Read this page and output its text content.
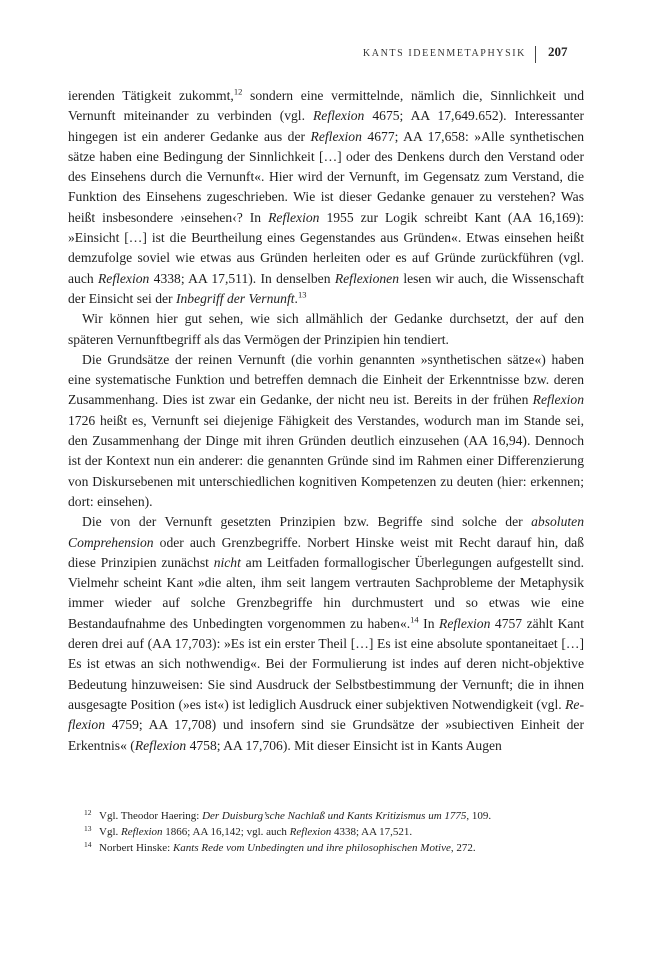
KANTS IDEENMETAPHYSIK 207

ierenden Tätigkeit zukommt,$^{12}$ sondern eine vermittelnde, nämlich die, Sinnlichkeit und Vernunft miteinander zu verbinden (vgl. Reflexion 4675; AA 17,649.652). Interessanter hingegen ist ein anderer Gedanke aus der Reflexion 4677; AA 17,658: »Alle synthetischen sätze haben eine Bedingung der Sinnlichkeit […] oder des Denkens durch den Verstand oder des Einsehens durch die Vernunft«. Hier wird der Vernunft, im Gegensatz zum Verstand, die Funktion des Einsehens zugeschrieben. Wie ist dieser Gedanke genauer zu verstehen? Was heißt insbesondere ›einsehen‹? In Reflexion 1955 zur Logik schreibt Kant (AA 16,169): »Einsicht […] ist die Beurtheilung eines Gegenstandes aus Gründen«. Etwas einsehen heißt demzufolge soviel wie etwas aus Gründen herleiten oder es auf Gründe zurückführen (vgl. auch Reflexion 4338; AA 17,511). In denselben Reflexionen lesen wir auch, die Wissenschaft der Einsicht sei der Inbegriff der Vernunft.$^{13}$

Wir können hier gut sehen, wie sich allmählich der Gedanke durchsetzt, der auf den späteren Vernunftbegriff als das Vermögen der Prinzipien hin tendiert.

Die Grundsätze der reinen Vernunft (die vorhin genannten »synthetischen sätze«) haben eine systematische Funktion und betreffen demnach die Einheit der Erkenntnisse bzw. deren Zusammenhang. Dies ist zwar ein Gedanke, der nicht neu ist. Bereits in der frühen Reflexion 1726 heißt es, Vernunft sei diejenige Fähigkeit des Verstandes, wodurch man im Stande sei, den Zusammenhang der Dinge mit ihren Gründen deutlich einzusehen (AA 16,94). Dennoch ist der Kontext nun ein anderer: die genannten Gründe sind im Rahmen einer Differenzierung von Diskursebenen mit unterschiedlichen kognitiven Kompetenzen zu deuten (hier: erkennen; dort: einsehen).

Die von der Vernunft gesetzten Prinzipien bzw. Begriffe sind solche der absoluten Comprehension oder auch Grenzbegriffe. Norbert Hinske weist mit Recht darauf hin, daß diese Prinzipien zunächst nicht am Leitfaden formallogischer Überlegungen aufgestellt sind. Vielmehr scheint Kant »die alten, ihm seit langem vertrauten Sachprobleme der Metaphysik immer wieder auf solche Grenzbegriffe hin durchmustert und so etwas wie eine Bestandaufnahme des Unbedingten vorgenommen zu haben«.$^{14}$ In Reflexion 4757 zählt Kant deren drei auf (AA 17,703): »Es ist ein erster Theil […] Es ist eine absolute spontaneitaet […] Es ist etwas an sich nothwendig«. Bei der Formulierung ist indes auf deren nicht-objektive Bedeutung hinzuweisen: Sie sind Ausdruck der Selbstbestimmung der Vernunft; die in ihnen ausgesagte Position (»es ist«) ist lediglich Ausdruck einer subjektiven Notwendigkeit (vgl. Reflexion 4759; AA 17,708) und insofern sind sie Grundsätze der »subiectiven Einheit der Erkentnis« (Reflexion 4758; AA 17,706). Mit dieser Einsicht ist in Kants Augen

12 Vgl. Theodor Haering: Der Duisburg’sche Nachlaß und Kants Kritizismus um 1775, 109.

13 Vgl. Reflexion 1866; AA 16,142; vgl. auch Reflexion 4338; AA 17,521.

14 Norbert Hinske: Kants Rede vom Unbedingten und ihre philosophischen Motive, 272.
